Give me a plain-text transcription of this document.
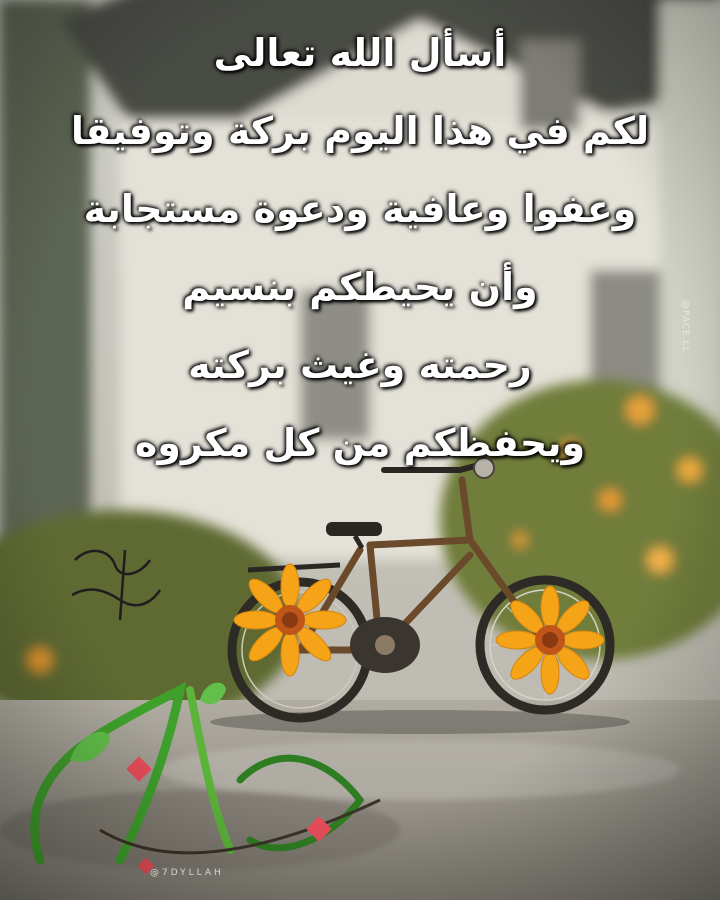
أسأل الله تعالى
لكم في هذا اليوم بركة وتوفيقا
وعفوا وعافية ودعوة مستجابة
وأن يحيطكم بنسيم
رحمته وغيث بركته
ويحفظكم من كل مكروه
@PACE.LL
@7DYLLAH
